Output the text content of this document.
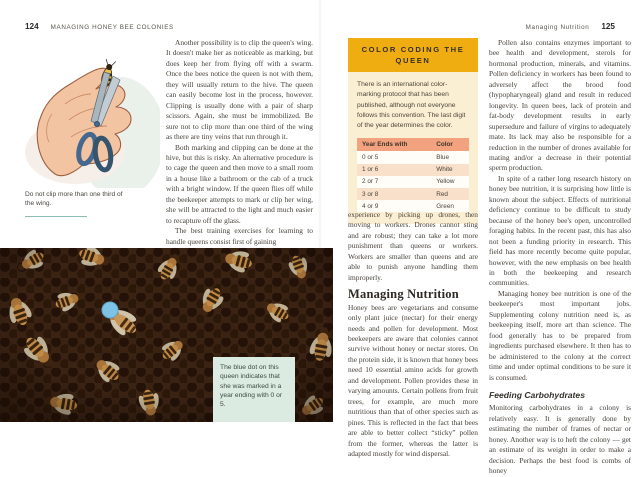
124 MANAGING HONEY BEE COLONIES	Managing Nutrition 125
Do not clip more than one third of the wing.

Another possibility is to clip the queen's wing. It doesn't make her as noticeable as marking, but does keep her from flying off with a swarm. Once the bees notice the queen is not with them, they will usually return to the hive. The queen can easily become lost in the process, however. Clipping is usually done with a pair of sharp scissors. Again, she must be immobilized. Be sure not to clip more than one third of the wing as there are tiny veins that run through it.

Both marking and clipping can be done at the hive, but this is risky. An alternative procedure is to cage the queen and then move to a small room in a house like a bathroom or the cab of a truck with a bright window. If the queen flies off while the beekeeper attempts to mark or clip her wing, she will be attracted to the light and much easier to recapture off the glass.

The best training exercises for learning to handle queens consist first of gaining

The blue dot on this queen indicates that she was marked in a year ending with 0 or 5.
COLOR CODING THE QUEEN

There is an international color-marking protocol that has been published, although not everyone follows this convention. The last digit of the year determines the color.

Year Ends with	Color
0 or 5	Blue
1 or 6	White
2 or 7	Yellow
3 or 8	Red
4 or 9	Green

experience by picking up drones, then moving to workers. Drones cannot sting and are robust; they can take a lot more punishment than queens or workers. Workers are smaller than queens and are able to punish anyone handling them improperly.

Managing Nutrition

Honey bees are vegetarians and consume only plant juice (nectar) for their energy needs and pollen for development. Most beekeepers are aware that colonies cannot survive without honey or nectar stores. On the protein side, it is known that honey bees need 10 essential amino acids for growth and development. Pollen provides these in varying amounts. Certain pollens from fruit trees, for example, are much more nutritious than that of other species such as pines. This is reflected in the fact that bees are able to better collect “sticky” pollen from the former, whereas the latter is adapted mostly for wind dispersal.

Pollen also contains enzymes important to bee health and development, sterols for hormonal production, minerals, and vitamins. Pollen deficiency in workers has been found to adversely affect the brood food (hypopharyngeal) gland and result in reduced longevity. In queen bees, lack of protein and fat-body development results in early supersedure and failure of virgins to adequately mate. Its lack may also be responsible for a reduction in the number of drones available for mating and/or a decrease in their potential sperm production.

In spite of a rather long research history on honey bee nutrition, it is surprising how little is known about the subject. Effects of nutritional deficiency continue to be difficult to study because of the honey bee's open, uncontrolled foraging habits. In the recent past, this has also not been a funding priority in research. This field has more recently become quite popular, however, with the new emphasis on bee health in both the beekeeping and research communities.

Managing honey bee nutrition is one of the beekeeper's most important jobs. Supplementing colony nutrition need is, as beekeeping itself, more art than science. The food generally has to be prepared from ingredients purchased elsewhere. It then has to be administered to the colony at the correct time and under optimal conditions to be sure it is consumed.

Feeding Carbohydrates

Monitoring carbohydrates in a colony is relatively easy. It is generally done by estimating the number of frames of nectar or honey. Another way is to heft the colony — get an estimate of its weight in order to make a decision. Perhaps the best food is combs of honey
